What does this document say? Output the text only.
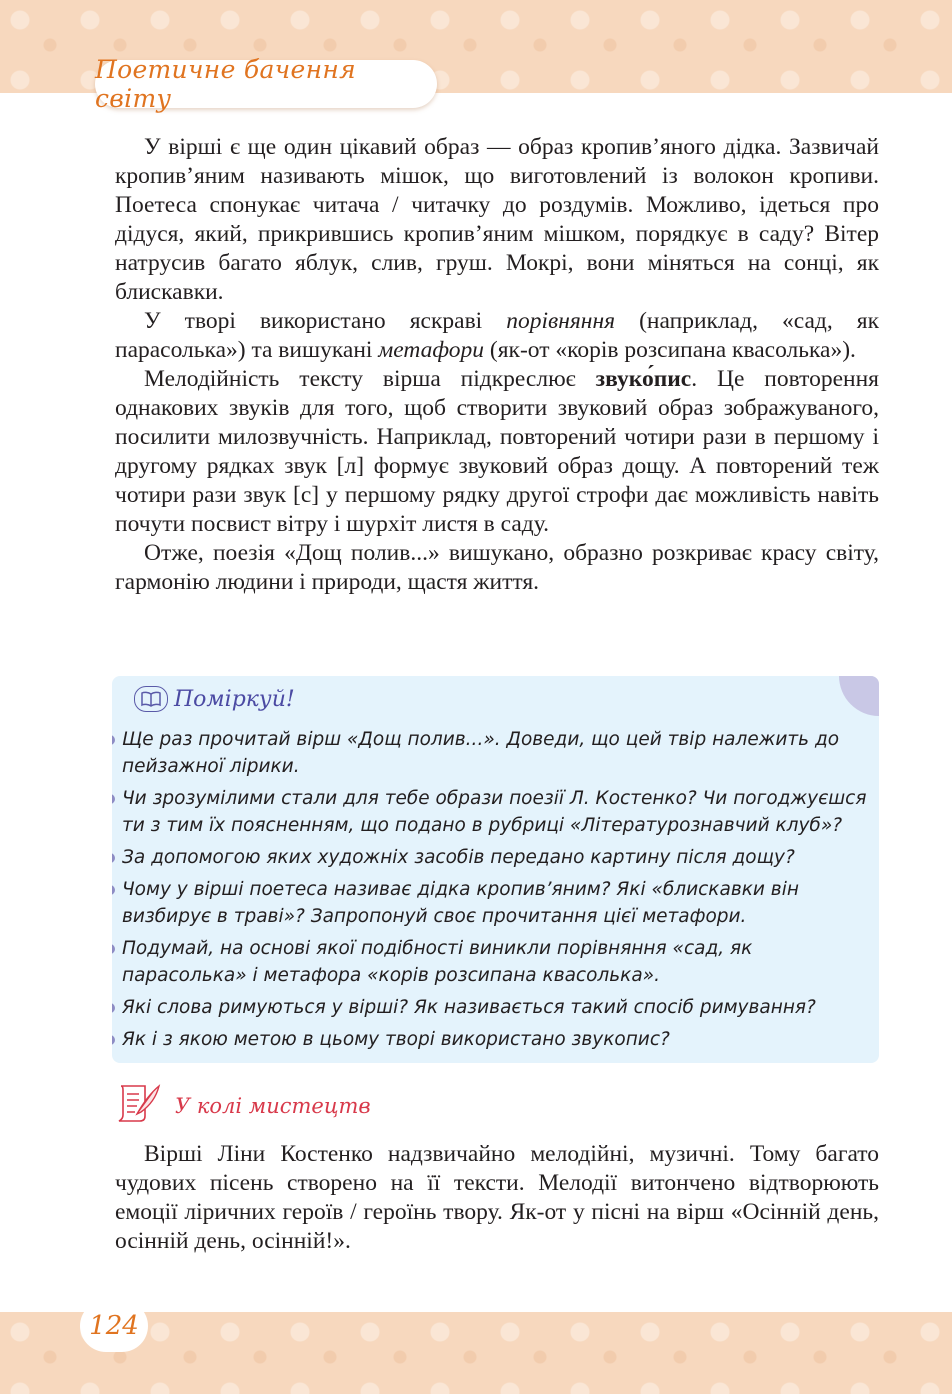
Поетичне бачення світу

У вірші є ще один цікавий образ — образ кропив’яного дідка. Зазвичай кропив’яним називають мішок, що виготовлений із волокон кропиви. Поетеса спонукає читача / читачку до роздумів. Можливо, ідеться про дідуся, який, прикрившись кропив’яним мішком, порядкує в саду? Вітер натрусив багато яблук, слив, груш. Мокрі, вони міняться на сонці, як блискавки.

У творі використано яскраві порівняння (наприклад, «сад, як парасолька») та вишукані метафори (як-от «корів розсипана квасолька»).

Мелодійність тексту вірша підкреслює звуко́пис. Це повторення однакових звуків для того, щоб створити звуковий образ зображуваного, посилити милозвучність. Наприклад, повторений чотири рази в першому і другому рядках звук [л] формує звуковий образ дощу. А повторений теж чотири рази звук [с] у першому рядку другої строфи дає можливість навіть почути посвист вітру і шурхіт листя в саду.

Отже, поезія «Дощ полив...» вишукано, образно розкриває красу світу, гармонію людини і природи, щастя життя.

Поміркуй!
Ще раз прочитай вірш «Дощ полив...». Доведи, що цей твір належить до пейзажної лірики.
Чи зрозумілими стали для тебе образи поезії Л. Костенко? Чи погоджуєшся ти з тим їх поясненням, що подано в рубриці «Літературознавчий клуб»?
За допомогою яких художніх засобів передано картину після дощу?
Чому у вірші поетеса називає дідка кропив’яним? Які «блискавки він визбирує в траві»? Запропонуй своє прочитання цієї метафори.
Подумай, на основі якої подібності виникли порівняння «сад, як парасолька» і метафора «корів розсипана квасолька».
Які слова римуються у вірші? Як називається такий спосіб римування?
Як і з якою метою в цьому творі використано звукопис?
У колі мистецтв

Вірші Ліни Костенко надзвичайно мелодійні, музичні. Тому багато чудових пісень створено на її тексти. Мелодії витончено відтворюють емоції ліричних героїв / героїнь твору. Як-от у пісні на вірш «Осінній день, осінній день, осінній!».

124
